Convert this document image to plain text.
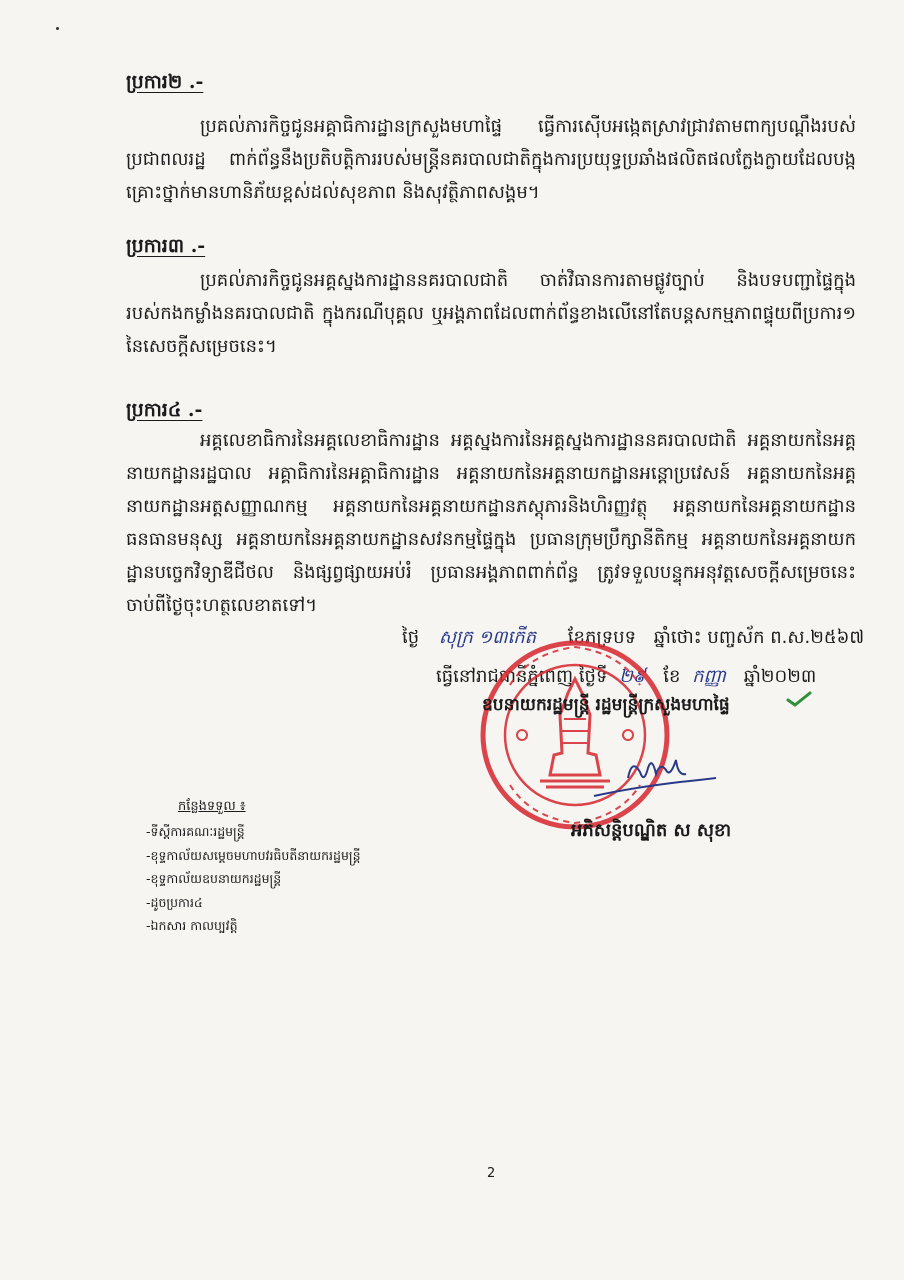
ប្រការ២ .-

ប្រគល់ភារកិច្ចជូនអគ្គាធិការដ្ឋានក្រសួងមហាផ្ទៃ ធ្វើការស៊ើបអង្កេតស្រាវជ្រាវតាមពាក្យបណ្ដឹងរបស់ប្រជាពលរដ្ឋ ពាក់ព័ន្ធនឹងប្រតិបត្តិការរបស់មន្ត្រីនគរបាលជាតិក្នុងការប្រយុទ្ធប្រឆាំងផលិតផលក្លែងក្លាយដែលបង្កគ្រោះថ្នាក់មានហានិភ័យខ្ពស់ដល់សុខភាព និងសុវត្ថិភាពសង្គម។

ប្រការ៣ .-

ប្រគល់ភារកិច្ចជូនអគ្គស្នងការដ្ឋាននគរបាលជាតិ ចាត់វិធានការតាមផ្លូវច្បាប់ និងបទបញ្ជាផ្ទៃក្នុងរបស់កងកម្លាំងនគរបាលជាតិ ក្នុងករណីបុគ្គល ឬអង្គភាពដែលពាក់ព័ន្ធខាងលើនៅតែបន្តសកម្មភាពផ្ទុយពីប្រការ១ នៃសេចក្ដីសម្រេចនេះ។

ប្រការ៤ .-

អគ្គលេខាធិការនៃអគ្គលេខាធិការដ្ឋាន អគ្គស្នងការនៃអគ្គស្នងការដ្ឋាននគរបាលជាតិ អគ្គនាយកនៃអគ្គនាយកដ្ឋានរដ្ឋបាល អគ្គាធិការនៃអគ្គាធិការដ្ឋាន អគ្គនាយកនៃអគ្គនាយកដ្ឋានអន្តោប្រវេសន៍ អគ្គនាយកនៃអគ្គនាយកដ្ឋានអត្តសញ្ញាណកម្ម អគ្គនាយកនៃអគ្គនាយកដ្ឋានភស្តុភារនិងហិរញ្ញវត្ថុ អគ្គនាយកនៃអគ្គនាយកដ្ឋានធនធានមនុស្ស អគ្គនាយកនៃអគ្គនាយកដ្ឋានសវនកម្មផ្ទៃក្នុង ប្រធានក្រុមប្រឹក្សានីតិកម្ម អគ្គនាយកនៃអគ្គនាយកដ្ឋានបច្ចេកវិទ្យាឌីជីថល និងផ្សព្វផ្សាយអប់រំ ប្រធានអង្គភាពពាក់ព័ន្ធ ត្រូវទទួលបន្ទុកអនុវត្តសេចក្ដីសម្រេចនេះចាប់ពីថ្ងៃចុះហត្ថលេខាតទៅ។

ថ្ងៃ សុក្រ ១៣កើត ខែភទ្របទ ឆ្នាំថោះ បញ្ចស័ក ព.ស.២៥៦៧
ធ្វើនៅរាជធានីភ្នំពេញ ថ្ងៃទី ២៩ ខែ កញ្ញា ឆ្នាំ២០២៣
ឧបនាយករដ្ឋមន្ត្រី រដ្ឋមន្ត្រីក្រសួងមហាផ្ទៃ
អភិសន្តិបណ្ឌិត ស សុខា
កន្លែងទទួល ៖
-ទីស្ដីការគណៈរដ្ឋមន្ត្រី
-ខុទ្ទកាល័យសម្ដេចមហាបវរធិបតីនាយករដ្ឋមន្ត្រី
-ខុទ្ទកាល័យឧបនាយករដ្ឋមន្ត្រី
-ដូចប្រការ៤
-ឯកសារ កាលប្បវត្តិ
2
